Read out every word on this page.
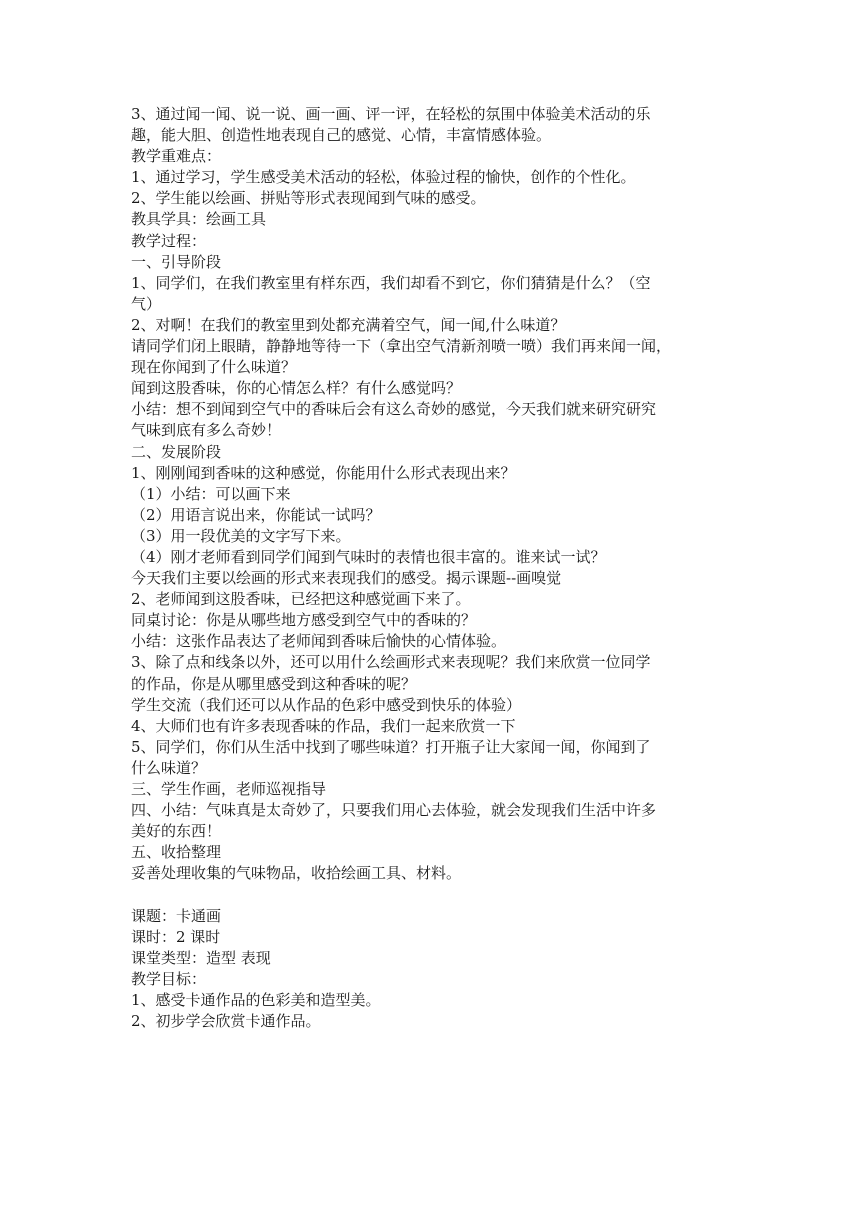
3、通过闻一闻、说一说、画一画、评一评，在轻松的氛围中体验美术活动的乐
趣，能大胆、创造性地表现自己的感觉、心情，丰富情感体验。
教学重难点：
1、通过学习，学生感受美术活动的轻松，体验过程的愉快，创作的个性化。
2、学生能以绘画、拼贴等形式表现闻到气味的感受。
教具学具：绘画工具
教学过程：
一、引导阶段
1、同学们，在我们教室里有样东西，我们却看不到它，你们猜猜是什么？（空
气）
2、对啊！在我们的教室里到处都充满着空气，闻一闻,什么味道？
请同学们闭上眼睛，静静地等待一下（拿出空气清新剂喷一喷）我们再来闻一闻，
现在你闻到了什么味道？
闻到这股香味，你的心情怎么样？有什么感觉吗？
小结：想不到闻到空气中的香味后会有这么奇妙的感觉，今天我们就来研究研究
气味到底有多么奇妙！
二、发展阶段
1、刚刚闻到香味的这种感觉，你能用什么形式表现出来？
（1）小结：可以画下来
（2）用语言说出来，你能试一试吗？
（3）用一段优美的文字写下来。
（4）刚才老师看到同学们闻到气味时的表情也很丰富的。谁来试一试？
今天我们主要以绘画的形式来表现我们的感受。揭示课题--画嗅觉
2、老师闻到这股香味，已经把这种感觉画下来了。
同桌讨论：你是从哪些地方感受到空气中的香味的？
小结：这张作品表达了老师闻到香味后愉快的心情体验。
3、除了点和线条以外，还可以用什么绘画形式来表现呢？我们来欣赏一位同学
的作品，你是从哪里感受到这种香味的呢？
学生交流（我们还可以从作品的色彩中感受到快乐的体验）
4、大师们也有许多表现香味的作品，我们一起来欣赏一下
5、同学们，你们从生活中找到了哪些味道？打开瓶子让大家闻一闻，你闻到了
什么味道？
三、学生作画，老师巡视指导
四、小结：气味真是太奇妙了，只要我们用心去体验，就会发现我们生活中许多
美好的东西！
五、收拾整理
妥善处理收集的气味物品，收拾绘画工具、材料。
课题：卡通画
课时：2 课时
课堂类型：造型 表现
教学目标：
1、感受卡通作品的色彩美和造型美。
2、初步学会欣赏卡通作品。
